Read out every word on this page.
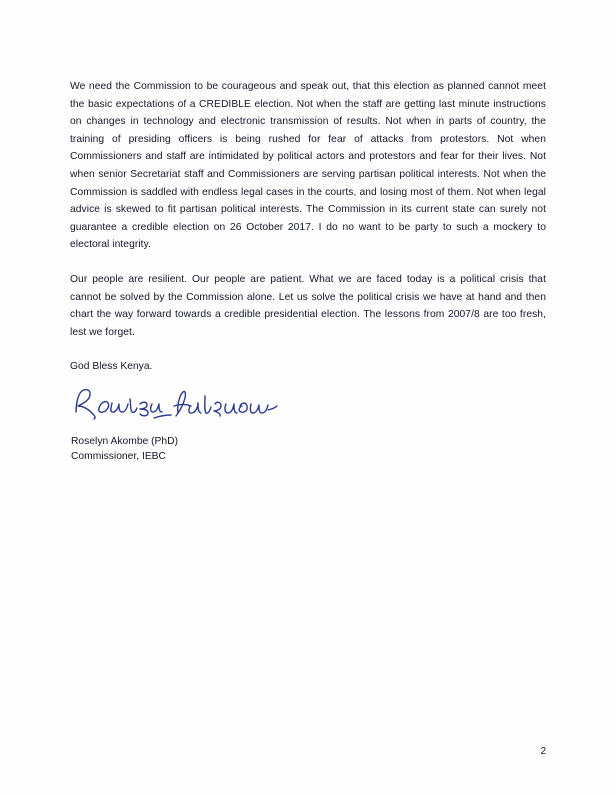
We need the Commission to be courageous and speak out, that this election as planned cannot meet the basic expectations of a CREDIBLE election. Not when the staff are getting last minute instructions on changes in technology and electronic transmission of results. Not when in parts of country, the training of presiding officers is being rushed for fear of attacks from protestors. Not when Commissioners and staff are intimidated by political actors and protestors and fear for their lives. Not when senior Secretariat staff and Commissioners are serving partisan political interests. Not when the Commission is saddled with endless legal cases in the courts, and losing most of them. Not when legal advice is skewed to fit partisan political interests. The Commission in its current state can surely not guarantee a credible election on 26 October 2017. I do no want to be party to such a mockery to electoral integrity.

Our people are resilient. Our people are patient. What we are faced today is a political crisis that cannot be solved by the Commission alone. Let us solve the political crisis we have at hand and then chart the way forward towards a credible presidential election. The lessons from 2007/8 are too fresh, lest we forget.

God Bless Kenya.

Roselyn Akombe (PhD)
Commissioner, IEBC
2
